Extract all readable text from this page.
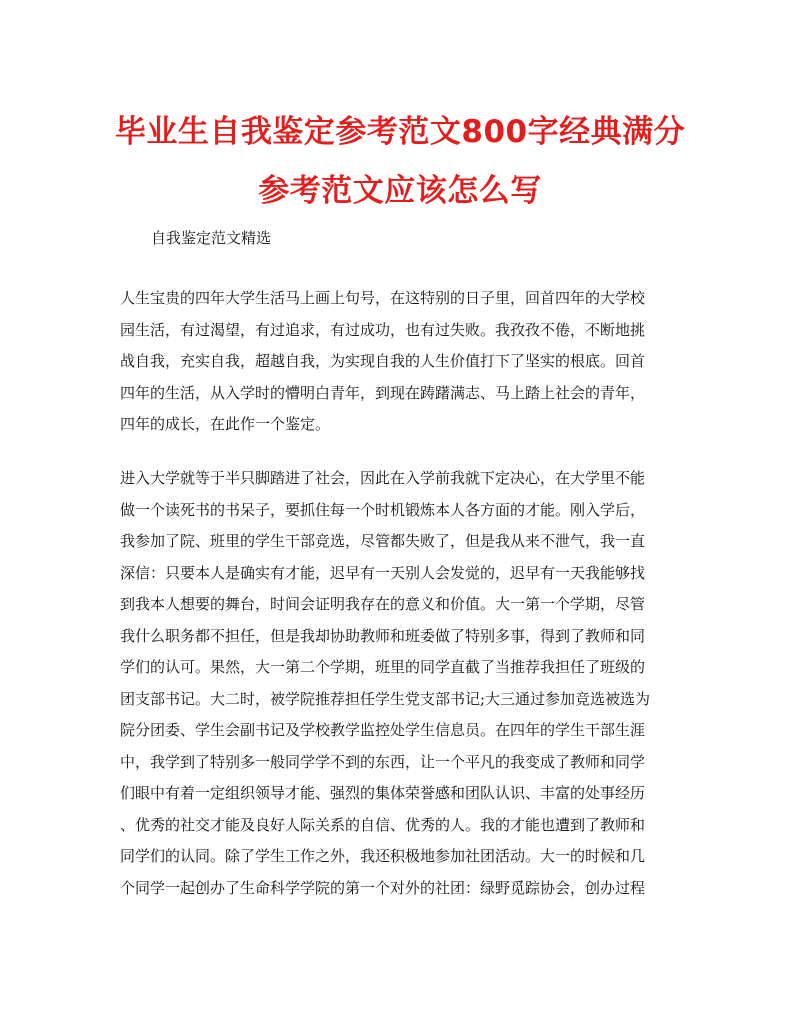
毕业生自我鉴定参考范文800字经典满分
参考范文应该怎么写
自我鉴定范文精选
人生宝贵的四年大学生活马上画上句号，在这特别的日子里，回首四年的大学校
园生活，有过渴望，有过追求，有过成功，也有过失败。我孜孜不倦，不断地挑
战自我，充实自我，超越自我，为实现自我的人生价值打下了坚实的根底。回首
四年的生活，从入学时的懵明白青年，到现在踌躇满志、马上踏上社会的青年，
四年的成长，在此作一个鉴定。
进入大学就等于半只脚踏进了社会，因此在入学前我就下定决心，在大学里不能
做一个读死书的书呆子，要抓住每一个时机锻炼本人各方面的才能。刚入学后，
我参加了院、班里的学生干部竞选，尽管都失败了，但是我从来不泄气，我一直
深信：只要本人是确实有才能，迟早有一天别人会发觉的，迟早有一天我能够找
到我本人想要的舞台，时间会证明我存在的意义和价值。大一第一个学期，尽管
我什么职务都不担任，但是我却协助教师和班委做了特别多事，得到了教师和同
学们的认可。果然，大一第二个学期，班里的同学直截了当推荐我担任了班级的
团支部书记。大二时，被学院推荐担任学生党支部书记;大三通过参加竞选被选为
院分团委、学生会副书记及学校教学监控处学生信息员。在四年的学生干部生涯
中，我学到了特别多一般同学学不到的东西，让一个平凡的我变成了教师和同学
们眼中有着一定组织领导才能、强烈的集体荣誉感和团队认识、丰富的处事经历
、优秀的社交才能及良好人际关系的自信、优秀的人。我的才能也遭到了教师和
同学们的认同。除了学生工作之外，我还积极地参加社团活动。大一的时候和几
个同学一起创办了生命科学学院的第一个对外的社团：绿野觅踪协会，创办过程
